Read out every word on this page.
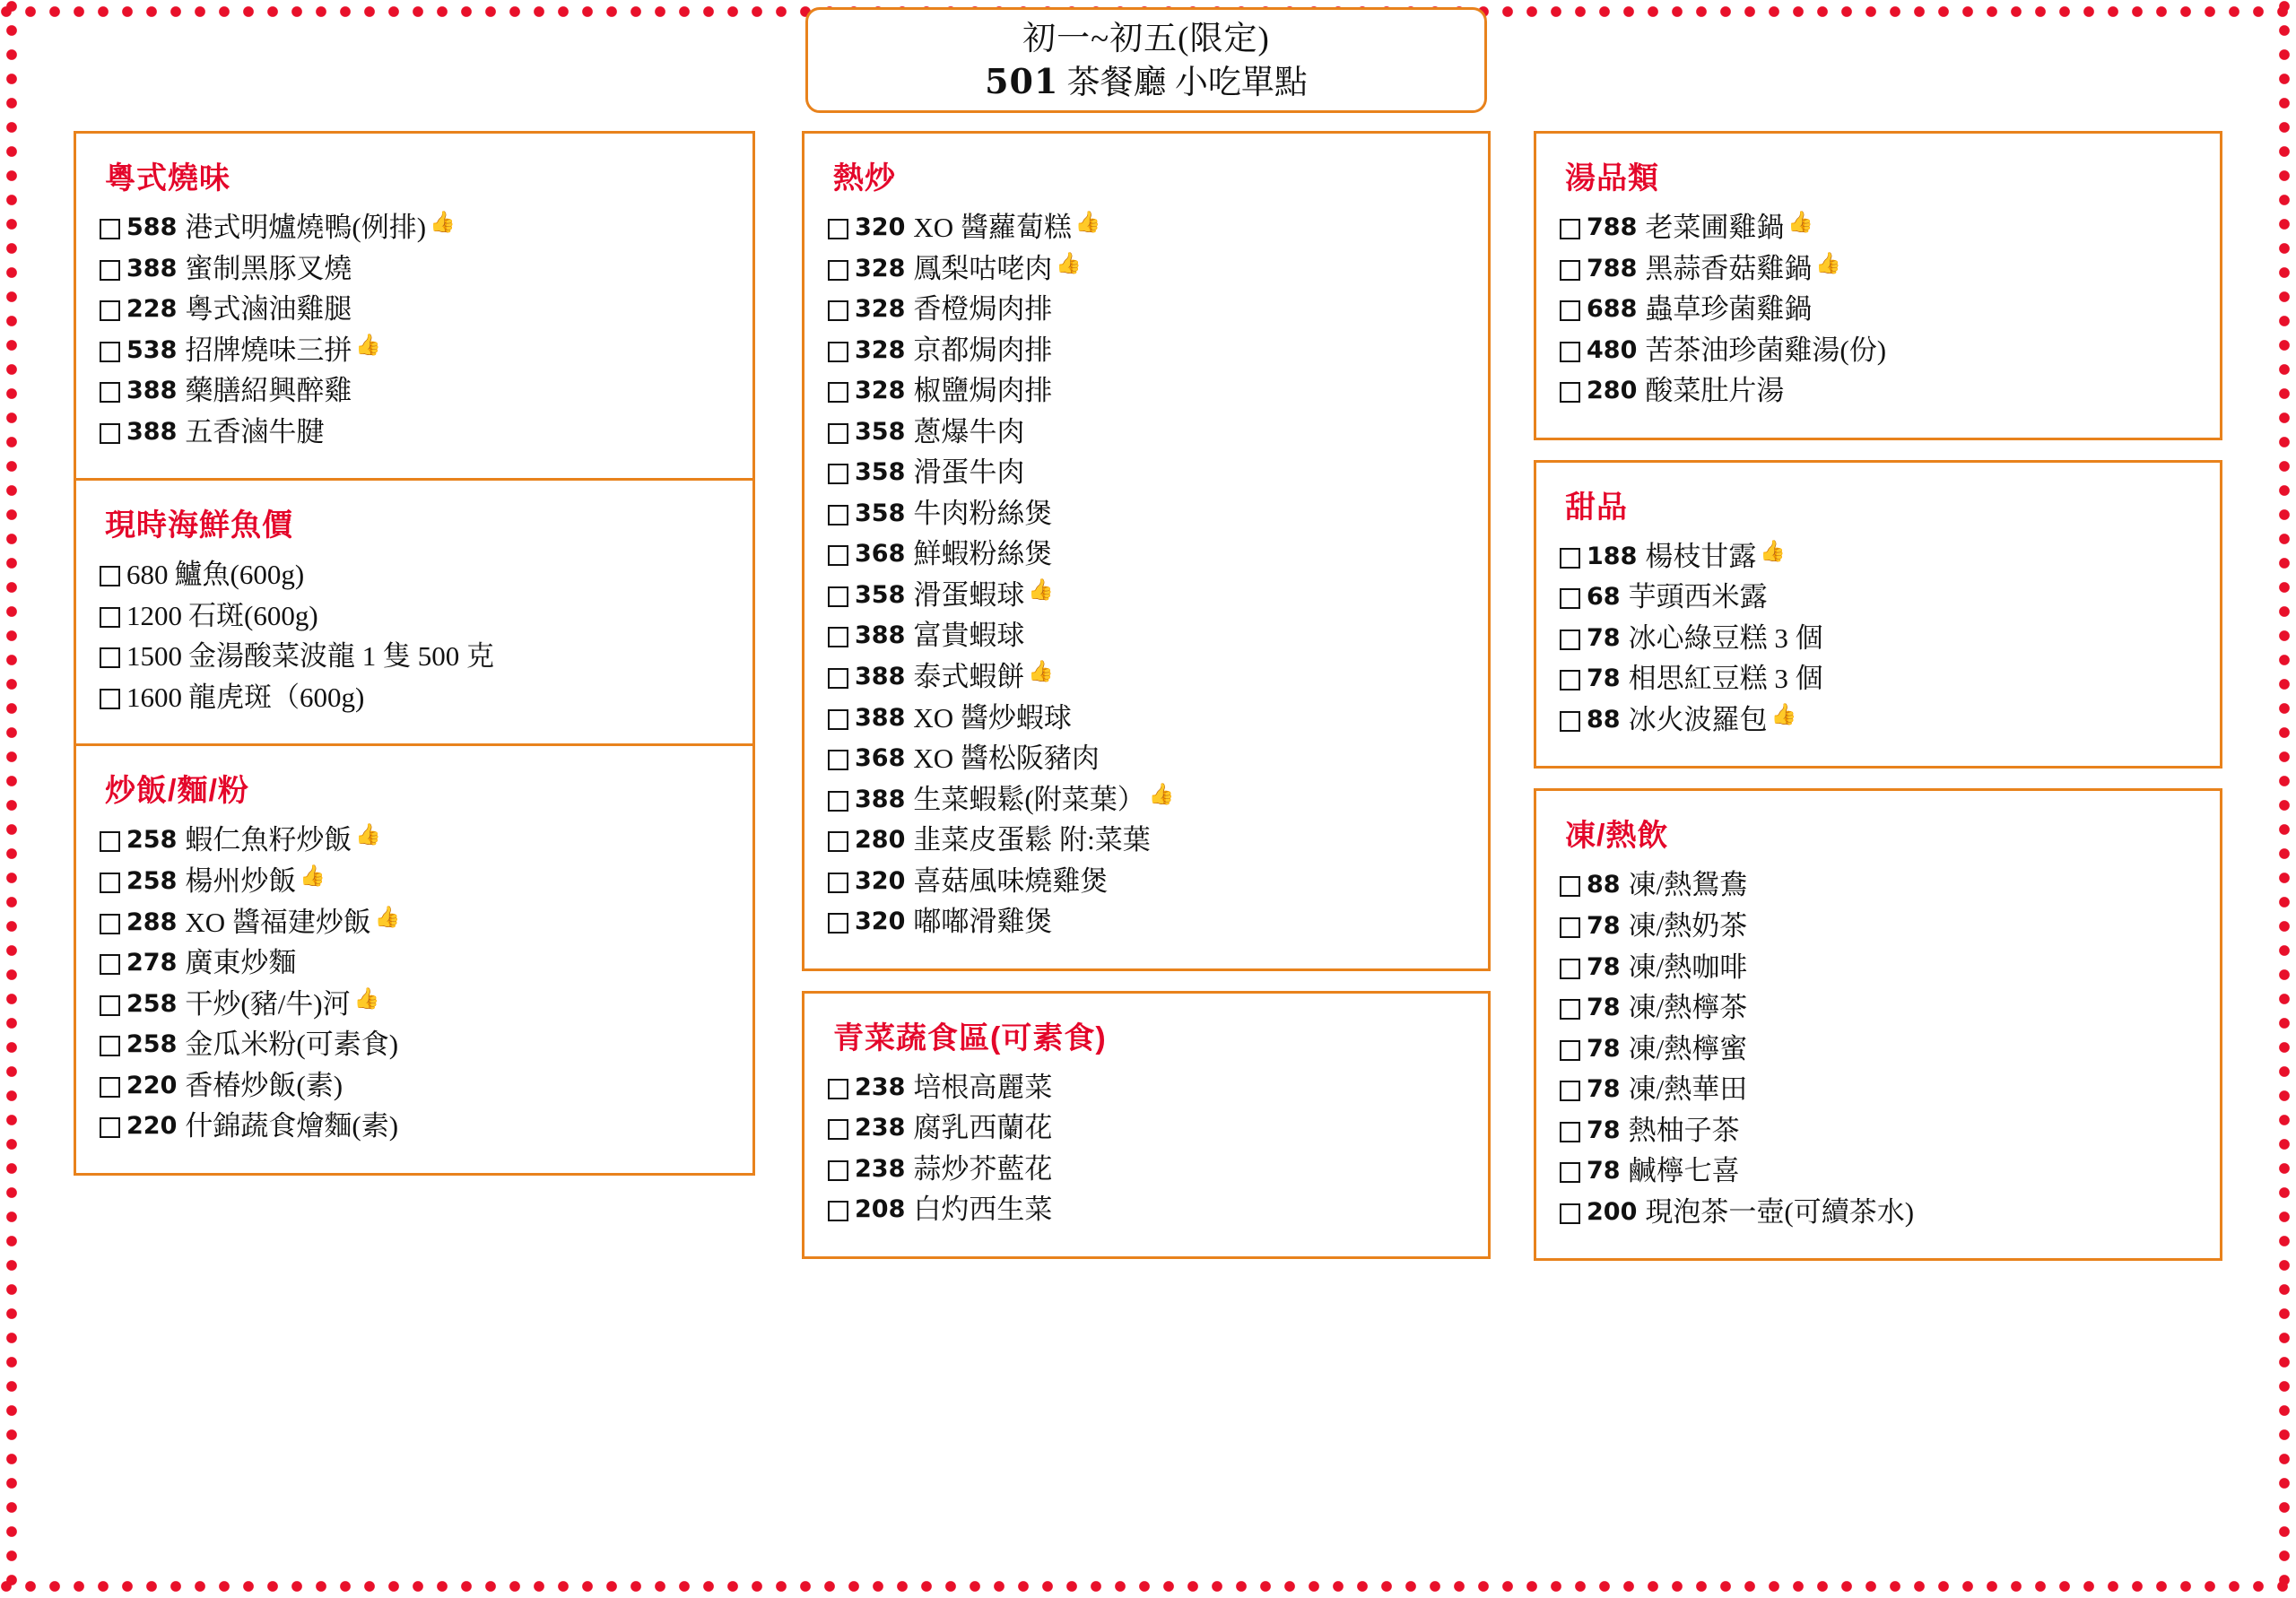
初一~初五(限定)
501 茶餐廳 小吃單點
粵式燒味
588 港式明爐燒鴨(例排) 👍
388 蜜制黑豚叉燒
228 粵式滷油雞腿
538 招牌燒味三拼 👍
388 藥膳紹興醉雞
388 五香滷牛腱
現時海鮮魚價
680 鱸魚(600g)
1200 石斑(600g)
1500 金湯酸菜波龍 1 隻 500 克
1600 龍虎斑（600g)
炒飯/麵/粉
258 蝦仁魚籽炒飯 👍
258 楊州炒飯 👍
288 XO 醬福建炒飯 👍
278 廣東炒麵
258 干炒(豬/牛)河 👍
258 金瓜米粉(可素食)
220 香椿炒飯(素)
220 什錦蔬食燴麵(素)
熱炒
320 XO 醬蘿蔔糕 👍
328 鳳梨咕咾肉 👍
328 香橙焗肉排
328 京都焗肉排
328 椒鹽焗肉排
358 蔥爆牛肉
358 滑蛋牛肉
358 牛肉粉絲煲
368 鮮蝦粉絲煲
358 滑蛋蝦球 👍
388 富貴蝦球
388 泰式蝦餅 👍
388 XO 醬炒蝦球
368 XO 醬松阪豬肉
388 生菜蝦鬆(附菜葉） 👍
280 韭菜皮蛋鬆 附:菜葉
320 喜菇風味燒雞煲
320 嘟嘟滑雞煲
青菜蔬食區(可素食)
238 培根高麗菜
238 腐乳西蘭花
238 蒜炒芥藍花
208 白灼西生菜
湯品類
788 老菜圃雞鍋 👍
788 黑蒜香菇雞鍋 👍
688 蟲草珍菌雞鍋
480 苦茶油珍菌雞湯(份)
280 酸菜肚片湯
甜品
188 楊枝甘露 👍
68 芋頭西米露
78 冰心綠豆糕 3 個
78 相思紅豆糕 3 個
88 冰火波羅包 👍
凍/熱飲
88 凍/熱鴛鴦
78 凍/熱奶茶
78 凍/熱咖啡
78 凍/熱檸茶
78 凍/熱檸蜜
78 凍/熱華田
78 熱柚子茶
78 鹹檸七喜
200 現泡茶一壺(可續茶水)
